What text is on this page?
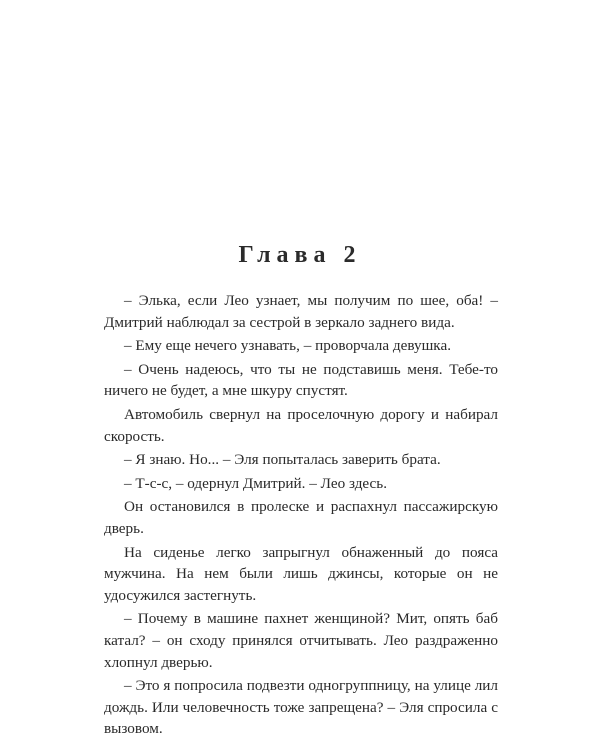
Глава 2

– Элька, если Лео узнает, мы получим по шее, оба! – Дмитрий наблюдал за сестрой в зеркало заднего вида.

– Ему еще нечего узнавать, – проворчала девушка.

– Очень надеюсь, что ты не подставишь меня. Тебе-то ничего не будет, а мне шкуру спустят.

Автомобиль свернул на проселочную дорогу и набирал скорость.

– Я знаю. Но... – Эля попыталась заверить брата.

– Т-с-с, – одернул Дмитрий. – Лео здесь.

Он остановился в пролеске и распахнул пассажирскую дверь.

На сиденье легко запрыгнул обнаженный до пояса мужчина. На нем были лишь джинсы, которые он не удосужился застегнуть.

– Почему в машине пахнет женщиной? Мит, опять баб катал? – он сходу принялся отчитывать. Лео раздраженно хлопнул дверью.

– Это я попросила подвезти одногруппницу, на улице лил дождь. Или человечность тоже запрещена? – Эля спросила с вызовом.
